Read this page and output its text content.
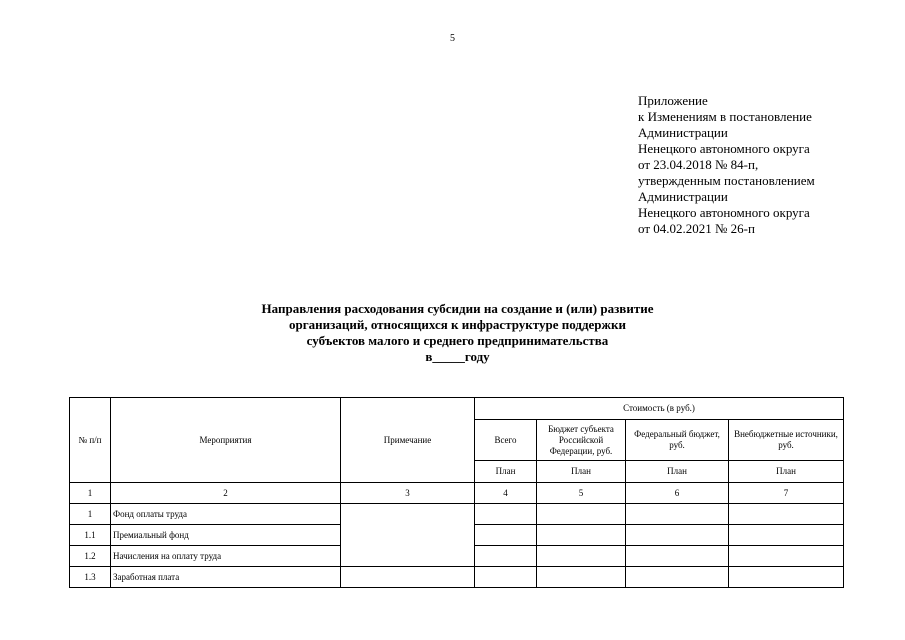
5
Приложение
к Изменениям в постановление
Администрации
Ненецкого автономного округа
от 23.04.2018 № 84-п,
утвержденным постановлением
Администрации
Ненецкого автономного округа
от 04.02.2021 № 26-п
Направления расходования субсидии на создание и (или) развитие
организаций, относящихся к инфраструктуре поддержки
субъектов малого и среднего предпринимательства
в_____году
№ п/п	Мероприятия	Примечание	Стоимость (в руб.)			
			Всего	Бюджет субъекта Российской Федерации, руб.	Федеральный бюджет, руб.	Внебюджетные источники, руб.
			План	План	План	План
1	2	3	4	5	6	7
1	Фонд оплаты труда					
1.1	Премиальный фонд					
1.2	Начисления на оплату труда					
1.3	Заработная плата					
